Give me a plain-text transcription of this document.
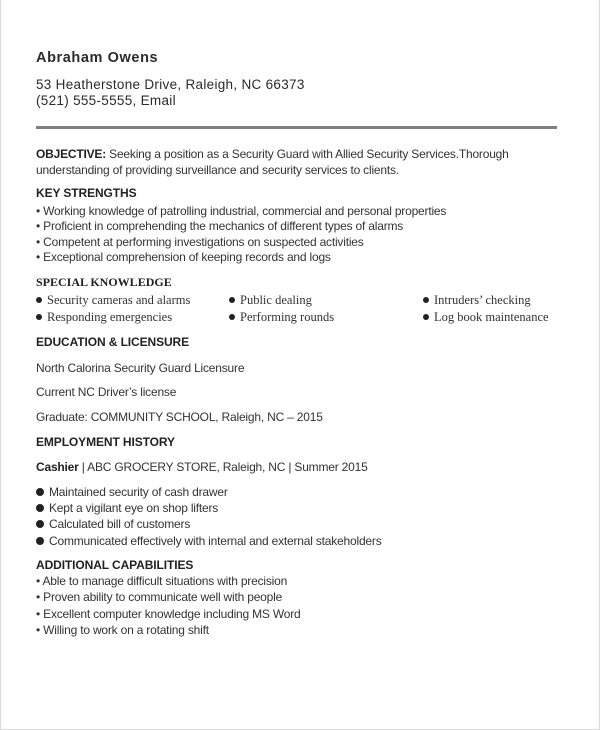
Abraham Owens
53 Heatherstone Drive, Raleigh, NC 66373
(521) 555-5555, Email
OBJECTIVE: Seeking a position as a Security Guard with Allied Security Services.Thorough
understanding of providing surveillance and security services to clients.
KEY STRENGTHS
• Working knowledge of patrolling industrial, commercial and personal properties
• Proficient in comprehending the mechanics of different types of alarms
• Competent at performing investigations on suspected activities
• Exceptional comprehension of keeping records and logs
SPECIAL KNOWLEDGE
Security cameras and alarms
Responding emergencies
Public dealing
Performing rounds
Intruders’ checking
Log book maintenance
EDUCATION & LICENSURE
North Calorina Security Guard Licensure
Current NC Driver’s license
Graduate: COMMUNITY SCHOOL, Raleigh, NC – 2015
EMPLOYMENT HISTORY
Cashier | ABC GROCERY STORE, Raleigh, NC | Summer 2015
Maintained security of cash drawer
Kept a vigilant eye on shop lifters
Calculated bill of customers
Communicated effectively with internal and external stakeholders
ADDITIONAL CAPABILITIES
• Able to manage difficult situations with precision
• Proven ability to communicate well with people
• Excellent computer knowledge including MS Word
• Willing to work on a rotating shift
